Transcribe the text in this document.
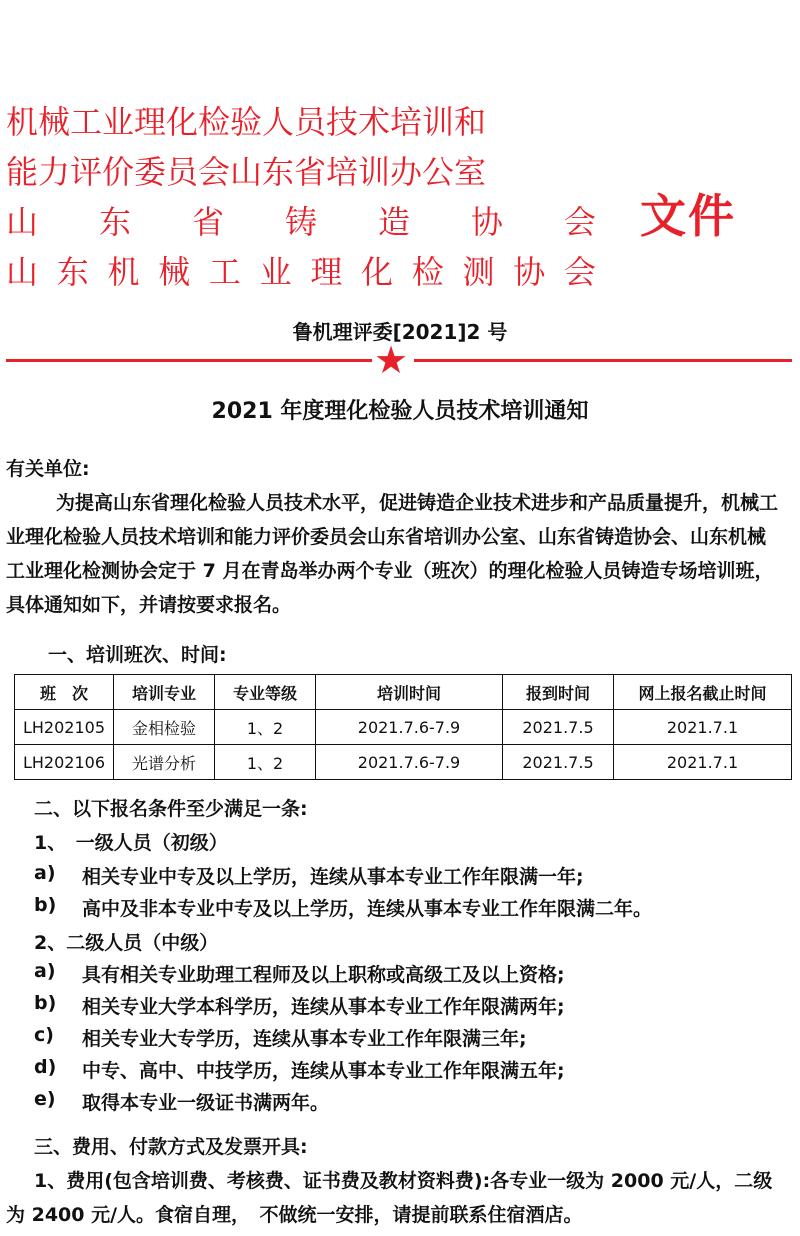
机械工业理化检验人员技术培训和
能力评价委员会山东省培训办公室
山 东 省 铸 造 协 会
山 东 机 械 工 业 理 化 检 测 协 会
文件
鲁机理评委[2021]2 号
★
2021 年度理化检验人员技术培训通知
有关单位:
为提高山东省理化检验人员技术水平，促进铸造企业技术进步和产品质量提升，机械工
业理化检验人员技术培训和能力评价委员会山东省培训办公室、山东省铸造协会、山东机械
工业理化检测协会定于 7 月在青岛举办两个专业（班次）的理化检验人员铸造专场培训班，
具体通知如下，并请按要求报名。
一、培训班次、时间:
班　次	培训专业	专业等级	培训时间	报到时间	网上报名截止时间
LH202105	金相检验	1、2	2021.7.6-7.9	2021.7.5	2021.7.1
LH202106	光谱分析	1、2	2021.7.6-7.9	2021.7.5	2021.7.1
二、以下报名条件至少满足一条:
1、　一级人员（初级）
a) 相关专业中专及以上学历，连续从事本专业工作年限满一年;
b) 高中及非本专业中专及以上学历，连续从事本专业工作年限满二年。
2、二级人员（中级）
a) 具有相关专业助理工程师及以上职称或高级工及以上资格;
b) 相关专业大学本科学历，连续从事本专业工作年限满两年;
c) 相关专业大专学历，连续从事本专业工作年限满三年;
d) 中专、高中、中技学历，连续从事本专业工作年限满五年;
e) 取得本专业一级证书满两年。
三、费用、付款方式及发票开具:
1、费用(包含培训费、考核费、证书费及教材资料费):各专业一级为 2000 元/人，二级
为 2400 元/人。食宿自理，　不做统一安排，请提前联系住宿酒店。
